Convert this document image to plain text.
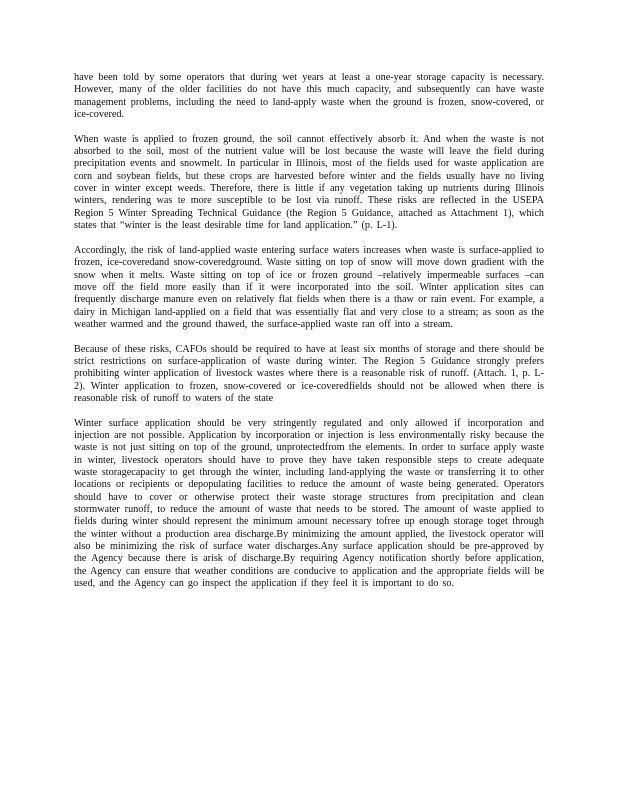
have been told by some operators that during wet years at least a one-year storage capacity is necessary. However, many of the older facilities do not have this much capacity, and subsequently can have waste management problems, including the need to land-apply waste when the ground is frozen, snow-covered, or ice-covered.

When waste is applied to frozen ground, the soil cannot effectively absorb it. And when the waste is not absorbed to the soil, most of the nutrient value will be lost because the waste will leave the field during precipitation events and snowmelt. In particular in Illinois, most of the fields used for waste application are corn and soybean fields, but these crops are harvested before winter and the fields usually have no living cover in winter except weeds. Therefore, there is little if any vegetation taking up nutrients during Illinois winters, rendering was te more susceptible to be lost via runoff. These risks are reflected in the USEPA Region 5 Winter Spreading Technical Guidance (the Region 5 Guidance, attached as Attachment 1), which states that “winter is the least desirable time for land application.” (p. L-1).

Accordingly, the risk of land-applied waste entering surface waters increases when waste is surface-applied to frozen, ice-coveredand snow-coveredground. Waste sitting on top of snow will move down gradient with the snow when it melts. Waste sitting on top of ice or frozen ground –relatively impermeable surfaces –can move off the field more easily than if it were incorporated into the soil. Winter application sites can frequently discharge manure even on relatively flat fields when there is a thaw or rain event. For example, a dairy in Michigan land-applied on a field that was essentially flat and very close to a stream; as soon as the weather warmed and the ground thawed, the surface-applied waste ran off into a stream.

Because of these risks, CAFOs should be required to have at least six months of storage and there should be strict restrictions on surface-application of waste during winter. The Region 5 Guidance strongly prefers prohibiting winter application of livestock wastes where there is a reasonable risk of runoff. (Attach. 1, p. L-2). Winter application to frozen, snow-covered or ice-coveredfields should not be allowed when there is reasonable risk of runoff to waters of the state

Winter surface application should be very stringently regulated and only allowed if incorporation and injection are not possible. Application by incorporation or injection is less environmentally risky because the waste is not just sitting on top of the ground, unprotectedfrom the elements. In order to surface apply waste in winter, livestock operators should have to prove they have taken responsible steps to create adequate waste storagecapacity to get through the winter, including land-applying the waste or transferring it to other locations or recipients or depopulating facilities to reduce the amount of waste being generated. Operators should have to cover or otherwise protect their waste storage structures from precipitation and clean stormwater runoff, to reduce the amount of waste that needs to be stored. The amount of waste applied to fields during winter should represent the minimum amount necessary tofree up enough storage toget through the winter without a production area discharge.By minimizing the amount applied, the livestock operator will also be minimizing the risk of surface water discharges.Any surface application should be pre-approved by the Agency because there is arisk of discharge.By requiring Agency notification shortly before application, the Agency can ensure that weather conditions are conducive to application and the appropriate fields will be used, and the Agency can go inspect the application if they feel it is important to do so.
